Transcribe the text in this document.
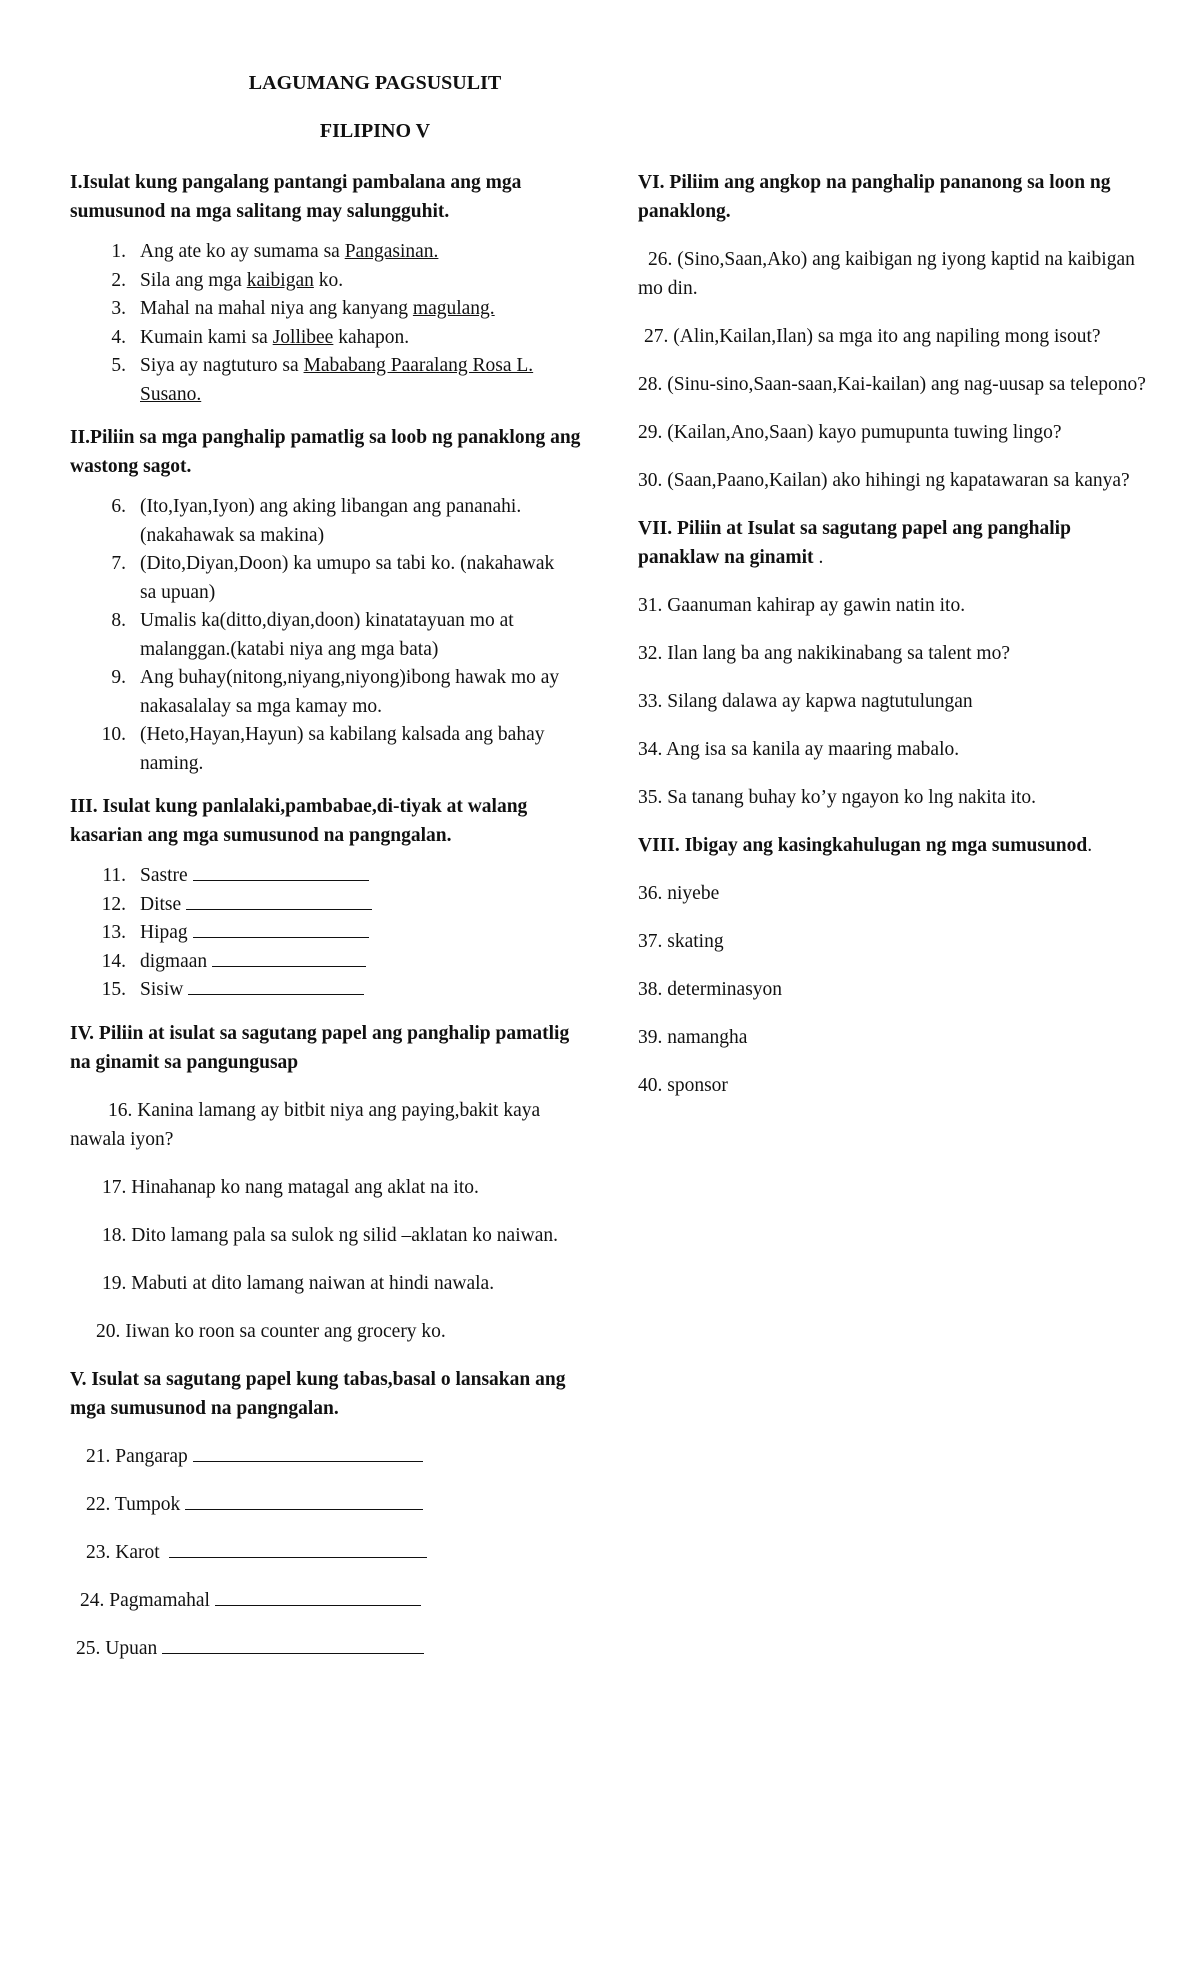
LAGUMANG PAGSUSULIT
FILIPINO V
I.Isulat kung pangalang pantangi pambalana ang mga sumusunod na mga salitang may salungguhit.
1. Ang ate ko ay sumama sa Pangasinan.
2. Sila ang mga kaibigan ko.
3. Mahal na mahal niya ang kanyang magulang.
4. Kumain kami sa Jollibee kahapon.
5. Siya ay nagtuturo sa Mababang Paaralang Rosa L. Susano.
II.Piliin sa mga panghalip pamatlig sa loob ng panaklong ang wastong sagot.
6. (Ito,Iyan,Iyon) ang aking libangan ang pananahi.(nakahawak sa makina)
7. (Dito,Diyan,Doon) ka umupo sa tabi ko. (nakahawak sa upuan)
8. Umalis ka(ditto,diyan,doon) kinatatayuan mo at malanggan.(katabi niya ang mga bata)
9. Ang buhay(nitong,niyang,niyong)ibong hawak mo ay nakasalalay sa mga kamay mo.
10. (Heto,Hayan,Hayun) sa kabilang kalsada ang bahay naming.
III. Isulat kung panlalaki,pambabae,di-tiyak at walang kasarian ang mga sumusunod na pangngalan.
11. Sastre

12. Ditse

13. Hipag

14. digmaan

15. Sisiw

IV. Piliin at isulat sa sagutang papel ang panghalip pamatlig na ginamit sa pangungusap
16. Kanina lamang ay bitbit niya ang paying,bakit kaya nawala iyon?
17. Hinahanap ko nang matagal ang aklat na ito.
18. Dito lamang pala sa sulok ng silid –aklatan ko naiwan.
19. Mabuti at dito lamang naiwan at hindi nawala.
20. Iiwan ko roon sa counter ang grocery ko.
V. Isulat sa sagutang papel kung tabas,basal o lansakan ang mga sumusunod na pangngalan.
21. Pangarap
22. Tumpok
23. Karot
24. Pagmamahal
25. Upuan
VI. Piliim ang angkop na panghalip pananong sa loon ng panaklong.
26. (Sino,Saan,Ako) ang kaibigan ng iyong kaptid na kaibigan mo din.
27. (Alin,Kailan,Ilan) sa mga ito ang napiling mong isout?
28. (Sinu-sino,Saan-saan,Kai-kailan) ang nag-uusap sa telepono?
29. (Kailan,Ano,Saan) kayo pumupunta tuwing lingo?
30. (Saan,Paano,Kailan) ako hihingi ng kapatawaran sa kanya?
VII. Piliin at Isulat sa sagutang papel ang panghalip panaklaw na ginamit .
31. Gaanuman kahirap ay gawin natin ito.
32. Ilan lang ba ang nakikinabang sa talent mo?
33. Silang dalawa ay kapwa nagtutulungan
34. Ang isa sa kanila ay maaring mabalo.
35. Sa tanang buhay ko’y ngayon ko lng nakita ito.
VIII. Ibigay ang kasingkahulugan ng mga sumusunod.
36. niyebe
37. skating
38. determinasyon
39. namangha
40. sponsor
